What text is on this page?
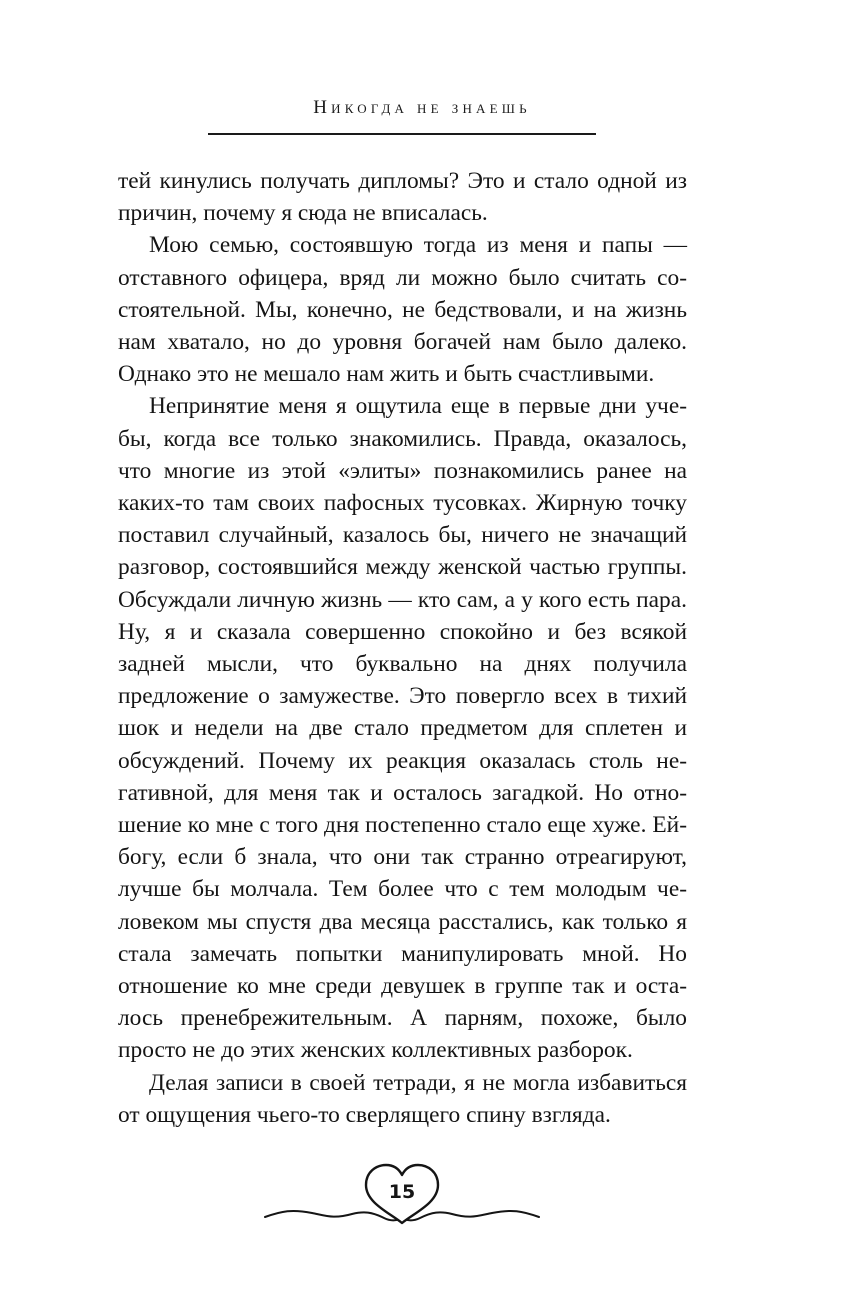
Никогда не знаешь

тей кинулись получать дипломы? Это и стало одной из причин, почему я сюда не вписалась.

Мою семью, состоявшую тогда из меня и папы — отставного офицера, вряд ли можно было считать состоятельной. Мы, конечно, не бедствовали, и на жизнь нам хватало, но до уровня богачей нам было далеко. Однако это не мешало нам жить и быть счастливыми.

Непринятие меня я ощутила еще в первые дни учебы, когда все только знакомились. Правда, оказалось, что многие из этой «элиты» познакомились ранее на каких-то там своих пафосных тусовках. Жирную точку поставил случайный, казалось бы, ничего не значащий разговор, состоявшийся между женской частью группы. Обсуждали личную жизнь — кто сам, а у кого есть пара. Ну, я и сказала совершенно спокойно и без всякой задней мысли, что буквально на днях получила предложение о замужестве. Это повергло всех в тихий шок и недели на две стало предметом для сплетен и обсуждений. Почему их реакция оказалась столь негативной, для меня так и осталось загадкой. Но отношение ко мне с того дня постепенно стало еще хуже. Ей-богу, если б знала, что они так странно отреагируют, лучше бы молчала. Тем более что с тем молодым человеком мы спустя два месяца расстались, как только я стала замечать попытки манипулировать мной. Но отношение ко мне среди девушек в группе так и осталось пренебрежительным. А парням, похоже, было просто не до этих женских коллективных разборок.

Делая записи в своей тетради, я не могла избавиться от ощущения чьего-то сверлящего спину взгляда.

15
